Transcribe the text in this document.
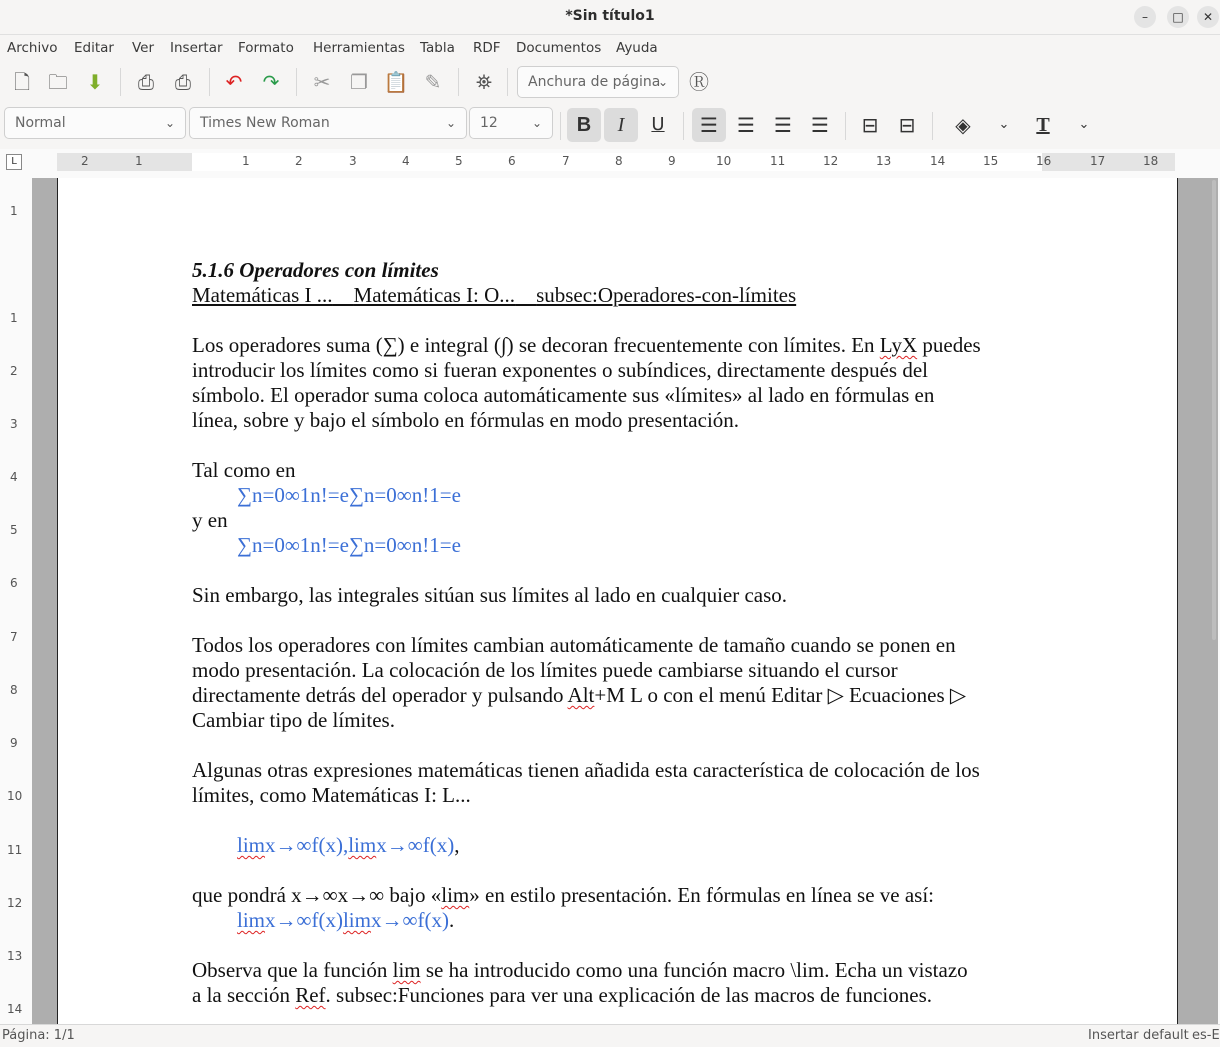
*Sin título1	–	□	✕
Archivo Editar Ver Insertar Formato Herramientas Tabla RDF Documentos Ayuda
🗋 🗀 ⬇	⎙	⎙	↶	↷	✂ ❐ 📋 ✎	⛯	Anchura de página
⌄ Ⓡ
Normal	⌄	Times New Roman	⌄	12	⌄	B	I	U	☰ ☰ ☰ ☰	⊟	⊟	◈	⌄	T	⌄
L	2	1	1	2	3	4	5	6	7	8	9	10	11	12	13	14	15	16	17	18
1
1
2
3
4
5
6
7
8
9
10
11
12
13
14
5.1.6 Operadores con límites
Matemáticas I ... Matemáticas I: O... subsec:Operadores-con-límites
Los operadores suma (∑) e integral (∫) se decoran frecuentemente con límites. En LyX puedes
introducir los límites como si fueran exponentes o subíndices, directamente después del
símbolo. El operador suma coloca automáticamente sus «límites» al lado en fórmulas en
línea, sobre y bajo el símbolo en fórmulas en modo presentación.
Tal como en
∑n=0∞1n!=e∑n=0∞n!1=e
y en
∑n=0∞1n!=e∑n=0∞n!1=e
Sin embargo, las integrales sitúan sus límites al lado en cualquier caso.
Todos los operadores con límites cambian automáticamente de tamaño cuando se ponen en
modo presentación. La colocación de los límites puede cambiarse situando el cursor
directamente detrás del operador y pulsando Alt+M L o con el menú Editar ▷ Ecuaciones ▷
Cambiar tipo de límites.
Algunas otras expresiones matemáticas tienen añadida esta característica de colocación de los
límites, como Matemáticas I: L...
limx→∞f(x),limx→∞f(x),
que pondrá x→∞x→∞ bajo «lim» en estilo presentación. En fórmulas en línea se ve así:
limx→∞f(x)limx→∞f(x).
Observa que la función lim se ha introducido como una función macro \lim. Echa un vistazo
a la sección Ref. subsec:Funciones para ver una explicación de las macros de funciones.
Página: 1/1	Insertar default es-E
